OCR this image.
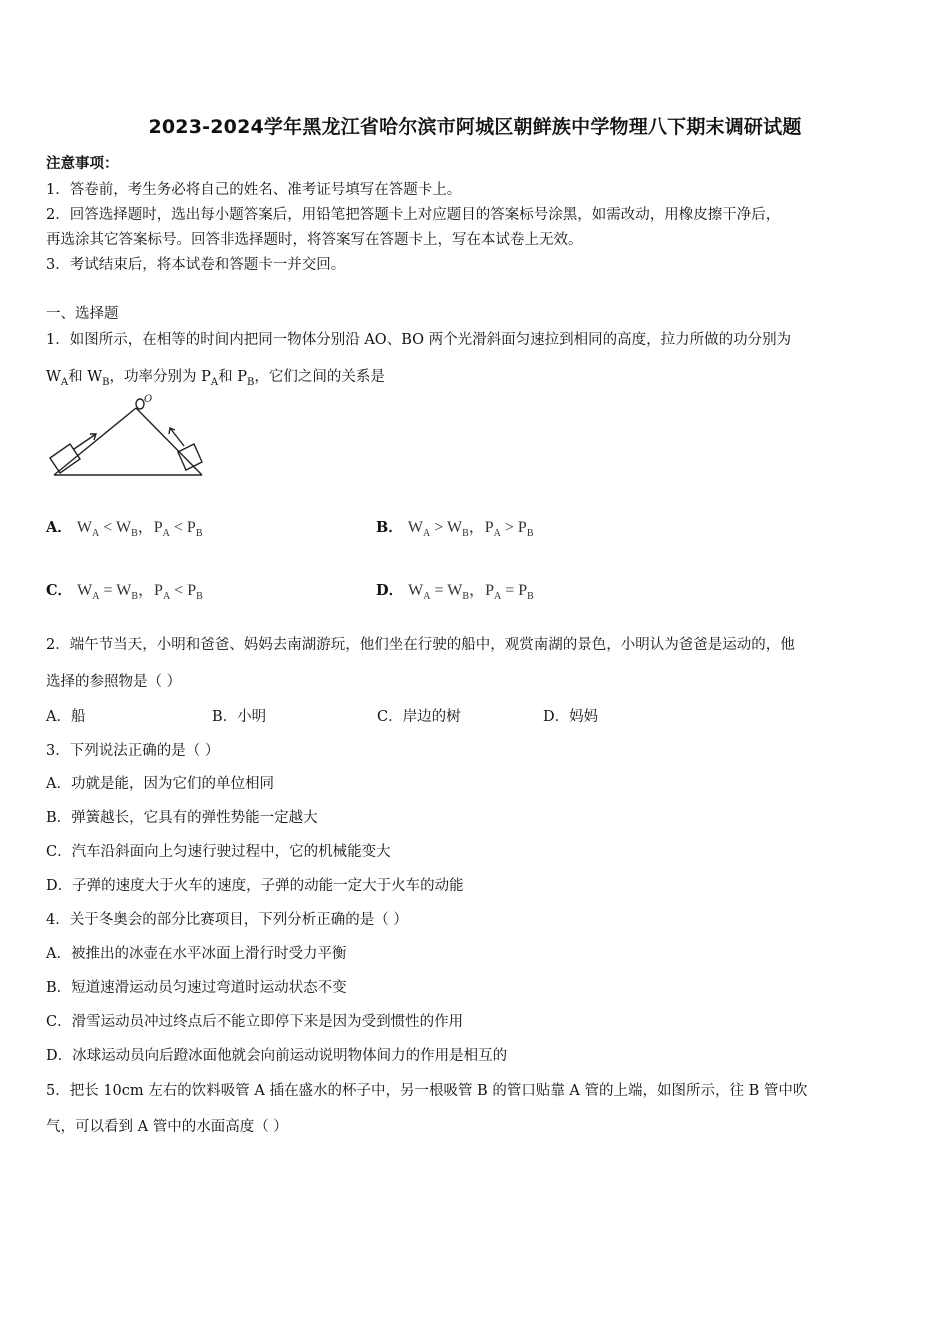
2023-2024学年黑龙江省哈尔滨市阿城区朝鲜族中学物理八下期末调研试题
注意事项：
1．答卷前，考生务必将自己的姓名、准考证号填写在答题卡上。
2．回答选择题时，选出每小题答案后，用铅笔把答题卡上对应题目的答案标号涂黑，如需改动，用橡皮擦干净后，
再选涂其它答案标号。回答非选择题时，将答案写在答题卡上，写在本试卷上无效。
3．考试结束后，将本试卷和答题卡一并交回。
一、选择题
1．如图所示，在相等的时间内把同一物体分别沿 AO、BO 两个光滑斜面匀速拉到相同的高度，拉力所做的功分别为
$W_A$和 $W_B$，功率分别为 $P_A$和 $P_B$，它们之间的关系是
O
A． $W_A < W_B$，$P_A < P_B$	B． $W_A > W_B$，$P_A > P_B$
C． $W_A = W_B$，$P_A < P_B$	D． $W_A = W_B$，$P_A = P_B$
2．端午节当天，小明和爸爸、妈妈去南湖游玩，他们坐在行驶的船中，观赏南湖的景色，小明认为爸爸是运动的，他
选择的参照物是（ ）
A．船	B．小明	C．岸边的树	D．妈妈
3．下列说法正确的是（ ）
A．功就是能，因为它们的单位相同
B．弹簧越长，它具有的弹性势能一定越大
C．汽车沿斜面向上匀速行驶过程中，它的机械能变大
D．子弹的速度大于火车的速度，子弹的动能一定大于火车的动能
4．关于冬奥会的部分比赛项目，下列分析正确的是（ ）
A．被推出的冰壶在水平冰面上滑行时受力平衡
B．短道速滑运动员匀速过弯道时运动状态不变
C．滑雪运动员冲过终点后不能立即停下来是因为受到惯性的作用
D．冰球运动员向后蹬冰面他就会向前运动说明物体间力的作用是相互的
5．把长 10cm 左右的饮料吸管 A 插在盛水的杯子中，另一根吸管 B 的管口贴靠 A 管的上端，如图所示，往 B 管中吹
气，可以看到 A 管中的水面高度（ ）
